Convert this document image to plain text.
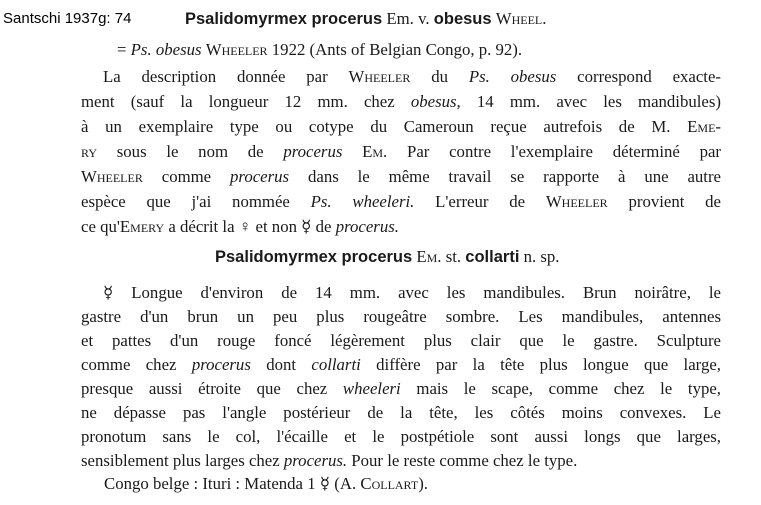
Santschi 1937g: 74	Psalidomyrmex procerus Em. v. obesus Wheel.
= Ps. obesus Wheeler 1922 (Ants of Belgian Congo, p. 92).
La description donnée par Wheeler du Ps. obesus correspond exacte-
ment (sauf la longueur 12 mm. chez obesus, 14 mm. avec les mandibules)
à un exemplaire type ou cotype du Cameroun reçue autrefois de M. Eme-
ry sous le nom de procerus Em. Par contre l'exemplaire déterminé par
Wheeler comme procerus dans le même travail se rapporte à une autre
espèce que j'ai nommée Ps. wheeleri. L'erreur de Wheeler provient de
ce qu'Emery a décrit la ♀ et non ☿ de procerus.
Psalidomyrmex procerus Em. st. collarti n. sp.
☿ Longue d'environ de 14 mm. avec les mandibules. Brun noirâtre, le
gastre d'un brun un peu plus rougeâtre sombre. Les mandibules, antennes
et pattes d'un rouge foncé légèrement plus clair que le gastre. Sculpture
comme chez procerus dont collarti diffère par la tête plus longue que large,
presque aussi étroite que chez wheeleri mais le scape, comme chez le type,
ne dépasse pas l'angle postérieur de la tête, les côtés moins convexes. Le
pronotum sans le col, l'écaille et le postpétiole sont aussi longs que larges,
sensiblement plus larges chez procerus. Pour le reste comme chez le type.
Congo belge : Ituri : Matenda 1 ☿ (A. Collart).
